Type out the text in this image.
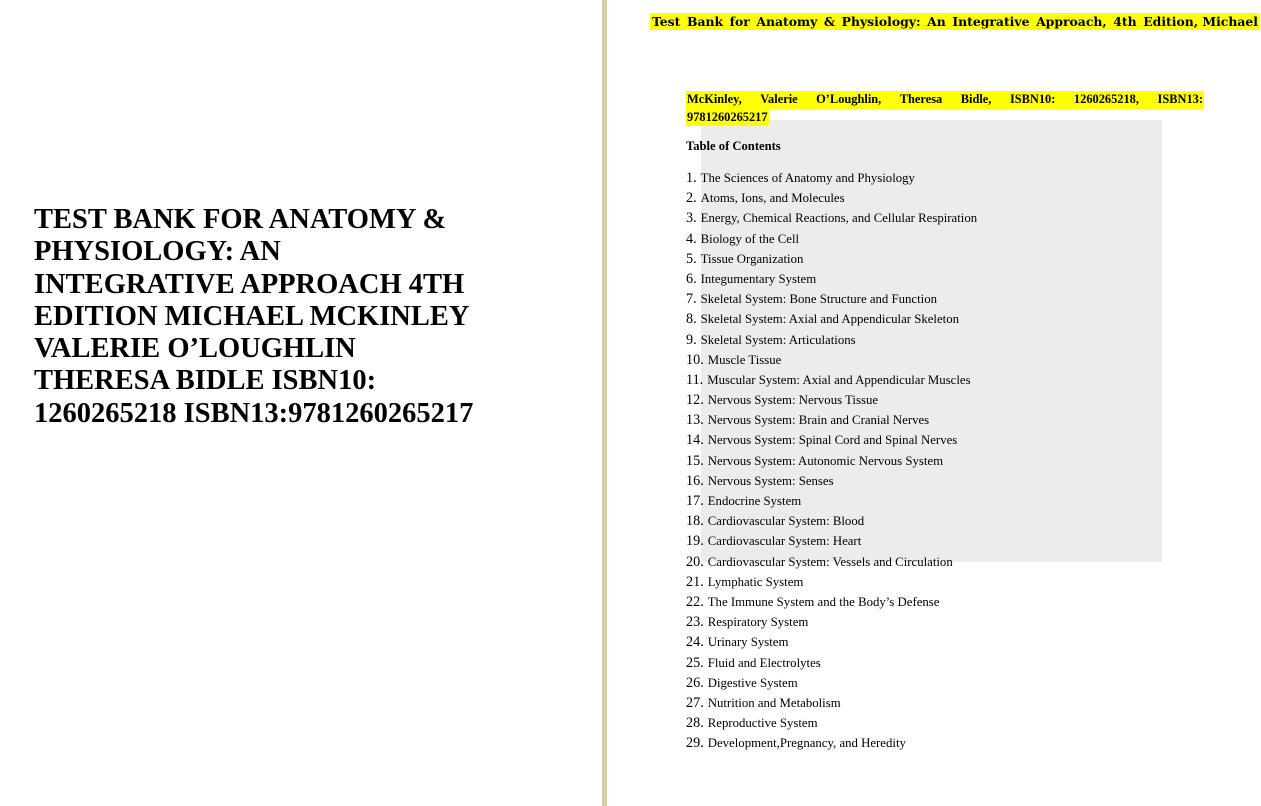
TEST BANK FOR ANATOMY &
PHYSIOLOGY: AN
INTEGRATIVE APPROACH 4TH
EDITION MICHAEL MCKINLEY
VALERIE O’LOUGHLIN
THERESA BIDLE ISBN10:
1260265218 ISBN13:9781260265217
Test Bank for Anatomy & Physiology: An Integrative Approach, 4th Edition, Michael
McKinley, Valerie O’Loughlin, Theresa Bidle, ISBN10: 1260265218, ISBN13:
9781260265217
Table of Contents
1. The Sciences of Anatomy and Physiology
2. Atoms, Ions, and Molecules
3. Energy, Chemical Reactions, and Cellular Respiration
4. Biology of the Cell
5. Tissue Organization
6. Integumentary System
7. Skeletal System: Bone Structure and Function
8. Skeletal System: Axial and Appendicular Skeleton
9. Skeletal System: Articulations
10. Muscle Tissue
11. Muscular System: Axial and Appendicular Muscles
12. Nervous System: Nervous Tissue
13. Nervous System: Brain and Cranial Nerves
14. Nervous System: Spinal Cord and Spinal Nerves
15. Nervous System: Autonomic Nervous System
16. Nervous System: Senses
17. Endocrine System
18. Cardiovascular System: Blood
19. Cardiovascular System: Heart
20. Cardiovascular System: Vessels and Circulation
21. Lymphatic System
22. The Immune System and the Body’s Defense
23. Respiratory System
24. Urinary System
25. Fluid and Electrolytes
26. Digestive System
27. Nutrition and Metabolism
28. Reproductive System
29. Development,Pregnancy, and Heredity
